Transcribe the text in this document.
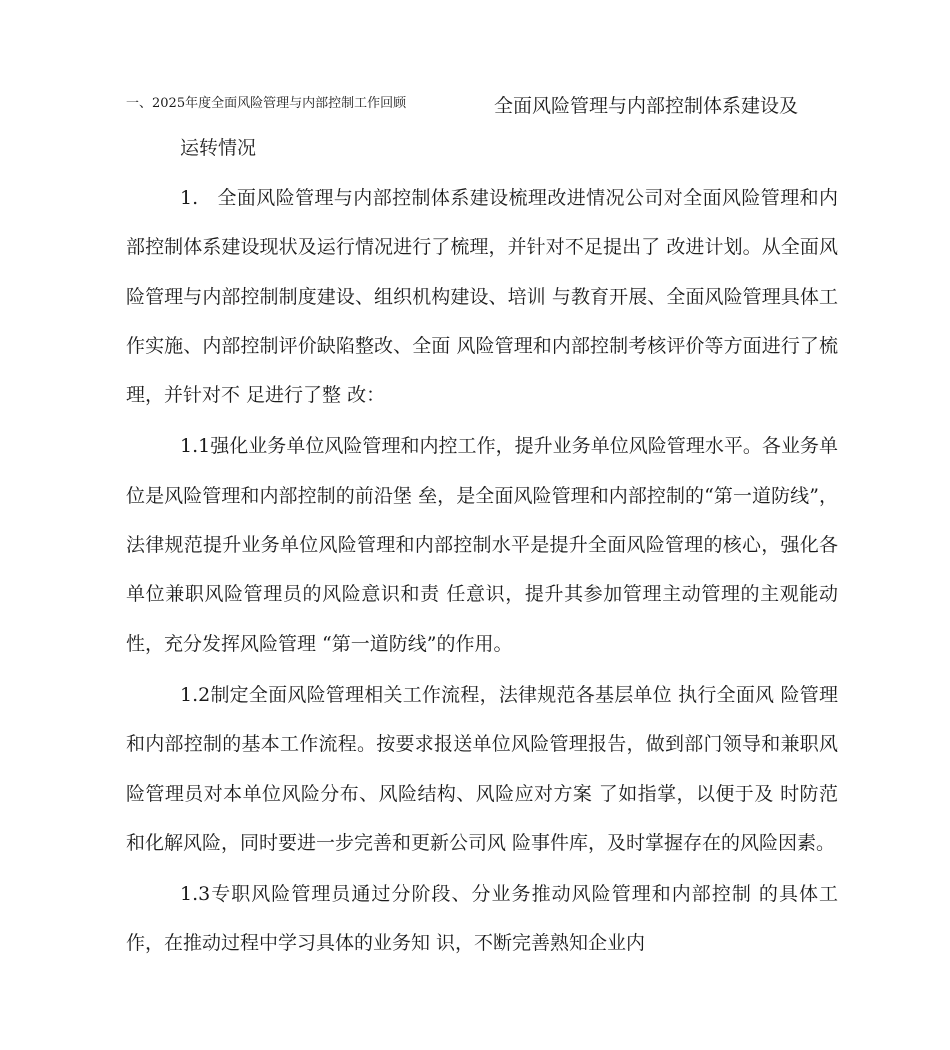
一、2025年度全面风险管理与内部控制工作回顾	全面风险管理与内部控制体系建设及
运转情况

1.   全面风险管理与内部控制体系建设梳理改进情况公司对全面风险管理和内部控制体系建设现状及运行情况进行了梳理，并针对不足提出了 改进计划。从全面风险管理与内部控制制度建设、组织机构建设、培训 与教育开展、全面风险管理具体工作实施、内部控制评价缺陷整改、全面 风险管理和内部控制考核评价等方面进行了梳理，并针对不 足进行了整 改：

1.1强化业务单位风险管理和内控工作，提升业务单位风险管理水平。各业务单位是风险管理和内部控制的前沿堡 垒，是全面风险管理和内部控制的“第一道防线”，法律规范提升业务单位风险管理和内部控制水平是提升全面风险管理的核心，强化各单位兼职风险管理员的风险意识和责 任意识，提升其参加管理主动管理的主观能动性，充分发挥风险管理 “第一道防线”的作用。

1.2制定全面风险管理相关工作流程，法律规范各基层单位 执行全面风 险管理和内部控制的基本工作流程。按要求报送单位风险管理报告，做到部门领导和兼职风险管理员对本单位风险分布、风险结构、风险应对方案 了如指掌，以便于及 时防范和化解风险，同时要进一步完善和更新公司风 险事件库，及时掌握存在的风险因素。

1.3专职风险管理员通过分阶段、分业务推动风险管理和内部控制 的具体工作，在推动过程中学习具体的业务知 识，不断完善熟知企业内
